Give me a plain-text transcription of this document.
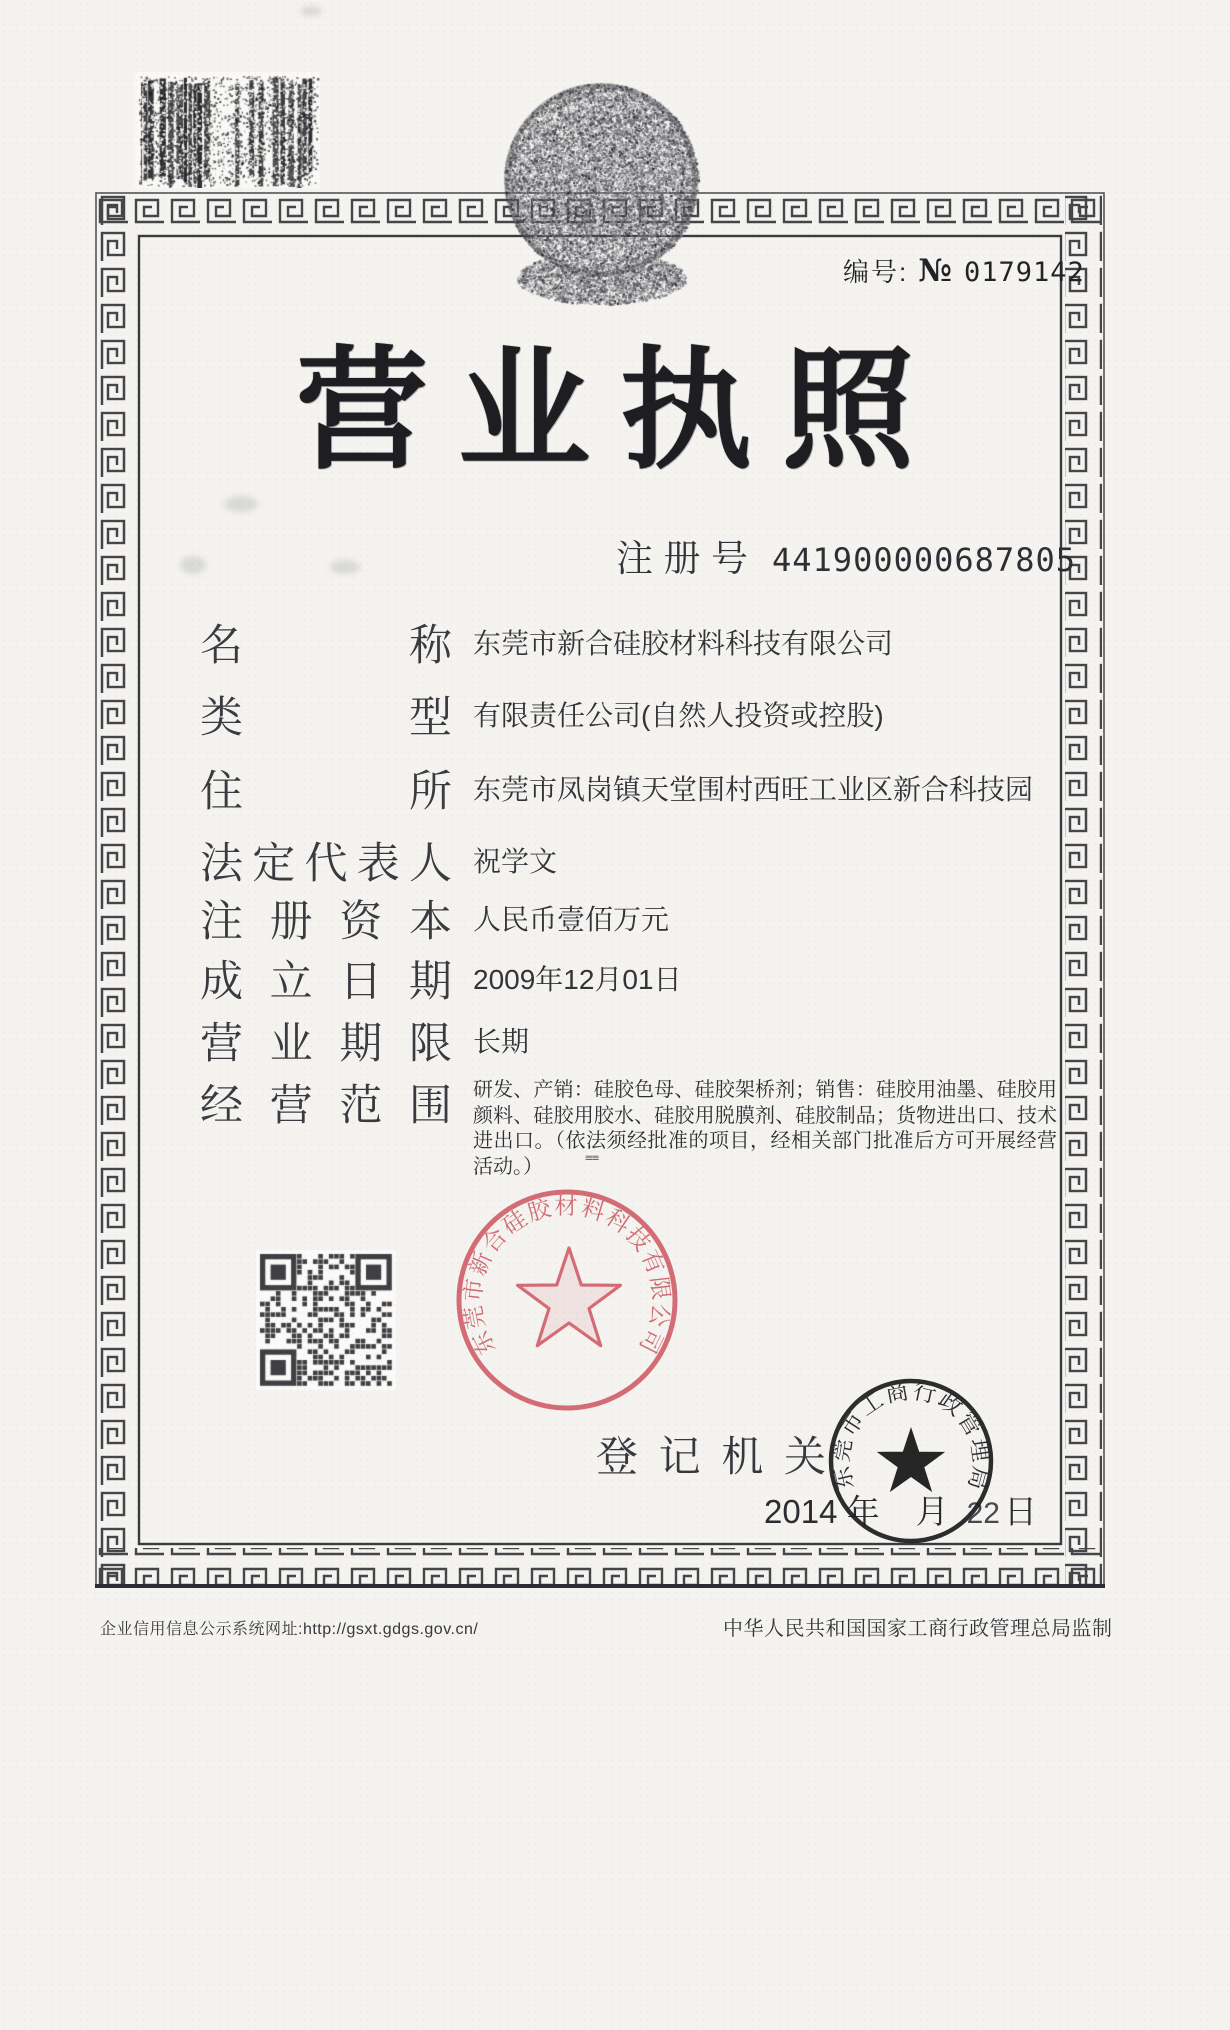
编号: № 0179142
营业执照
注 册 号 441900000687805
名	称 东莞市新合硅胶材料科技有限公司
类	型 有限责任公司(自然人投资或控股)
住	所 东莞市凤岗镇天堂围村西旺工业区新合科技园
法 定 代 表 人 祝学文
注 册 资 本 人民币壹佰万元
成 立 日 期 2009年12月01日
营 业 期 限 长期
经 营 范 围 研发、产销：硅胶色母、硅胶架桥剂；销售：硅胶用油墨、硅胶用颜料、硅胶用胶水、硅胶用脱膜剂、硅胶制品；货物进出口、技术进出口。（依法须经批准的项目，经相关部门批准后方可开展经营活动。）	≡≡
东莞市新合硅胶材料科技有限公司
登 记 机 关
2014 年 月 22 日
东莞市工商行政管理局
企业信用信息公示系统网址:http://gsxt.gdgs.gov.cn/	中华人民共和国国家工商行政管理总局监制
